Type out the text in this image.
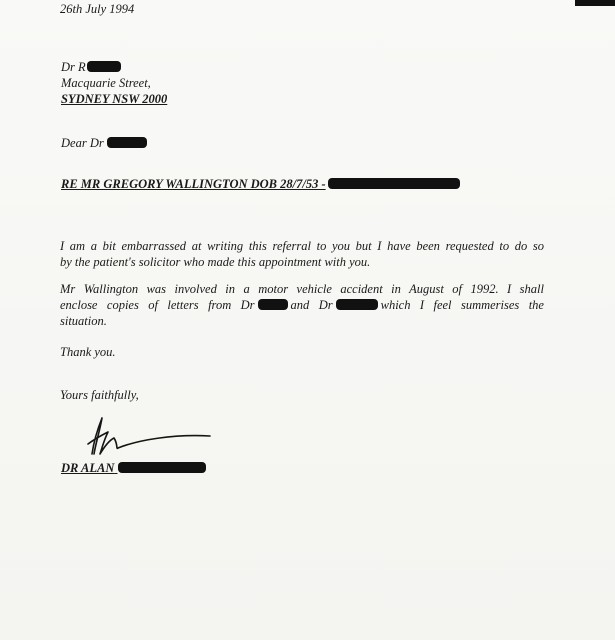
26th July 1994
Dr R
Macquarie Street,
SYDNEY NSW 2000
Dear Dr
RE MR GREGORY WALLINGTON DOB 28/7/53 -
I am a bit embarrassed at writing this referral to you but I have been requested to do so
by the patient's solicitor who made this appointment with you.
Mr Wallington was involved in a motor vehicle accident in August of 1992. I shall
enclose copies of letters from Dr	and Dr	which I feel summerises the
situation.
Thank you.
Yours faithfully,
DR ALAN
